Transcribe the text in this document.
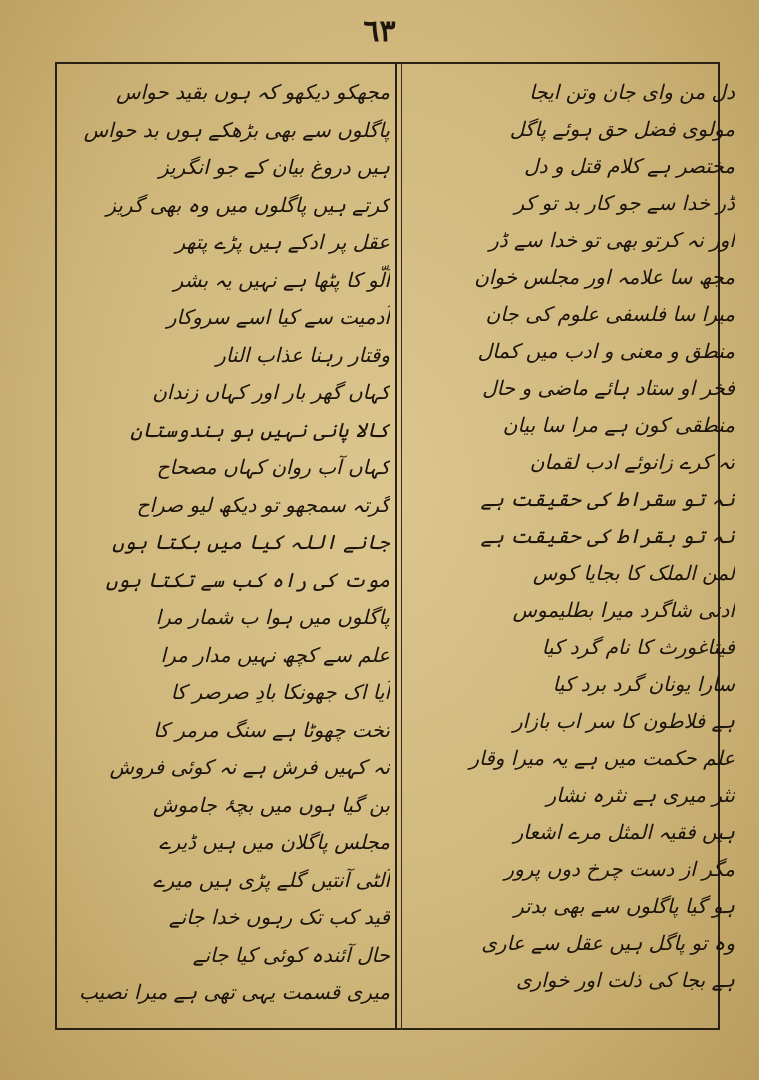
٦٣
مجھکو دیکھو کہ ہوں بقید حواس
پاگلوں سے بھی بڑھکے ہوں بد حواس
ہیں دروغ بیان کے جو انگریز
کرتے ہیں پاگلوں میں وہ بھی گریز
عقل پر ادکے ہیں پڑے پتھر
اُلّو کا پٹھا ہے نہیں یہ بشر
آدمیت سے کیا اسے سروکار
وقتار رہنا عذاب النار
کہاں گھر بار اور کہاں زندان
کالا پانی نہیں ہو ہندوستان
کہاں آب روان کہاں مصحاح
گرتہ سمجھو تو دیکھ لیو صراح
جانے اللہ کیا میں بکتا ہوں
موت کی راہ کب سے تکتا ہوں
پاگلوں میں ہوا ب شمار مرا
علم سے کچھ نہیں مدار مرا
آیا اک جھونکا بادِ صرصر کا
تخت چھوٹا ہے سنگ مرمر کا
نہ کہیں فرش ہے نہ کوئی فروش
بن گیا ہوں میں بچۂ جاموش
مجلس پاگلان میں ہیں ڈیرے
اُلٹی آنتیں گلے پڑی ہیں میرے
قید کب تک رہوں خدا جانے
حال آئندہ کوئی کیا جانے
میری قسمت یہی تھی ہے میرا نصیب
دل من وای جان وتن ایجا
مولوی فضل حق ہوئے پاگل
مختصر ہے کلام قتل و دل
ڈر خدا سے جو کار بد تو کر
اور نہ کرتو بھی تو خدا سے ڈر
مجھ سا علامہ اور مجلس خوان
میرا سا فلسفی علوم کی جان
منطق و معنی و ادب میں کمال
فخر او ستاد ہائے ماضی و حال
منطقی کون ہے مرا سا بیان
تہ کرے زانوئے ادب لقمان
نہ تو سقراط کی حقیقت ہے
نہ تو بقراط کی حقیقت ہے
لمن الملک کا بجایا کوس
ادنی شاگرد میرا بطلیموس
فیثاغورث کا نام گرد کیا
سارا یونان گرد برد کیا
ہے فلاطون کا سر اب بازار
علم حکمت میں ہے یہ میرا وقار
نثر میری ہے نثرہ نشار
ہیں فقیہ المثل مرے اشعار
مگر از دست چرخ دوں پرور
ہو گیا پاگلوں سے بھی بدتر
وہ تو پاگل ہیں عقل سے عاری
ہے بجا کی ذلت اور خواری
